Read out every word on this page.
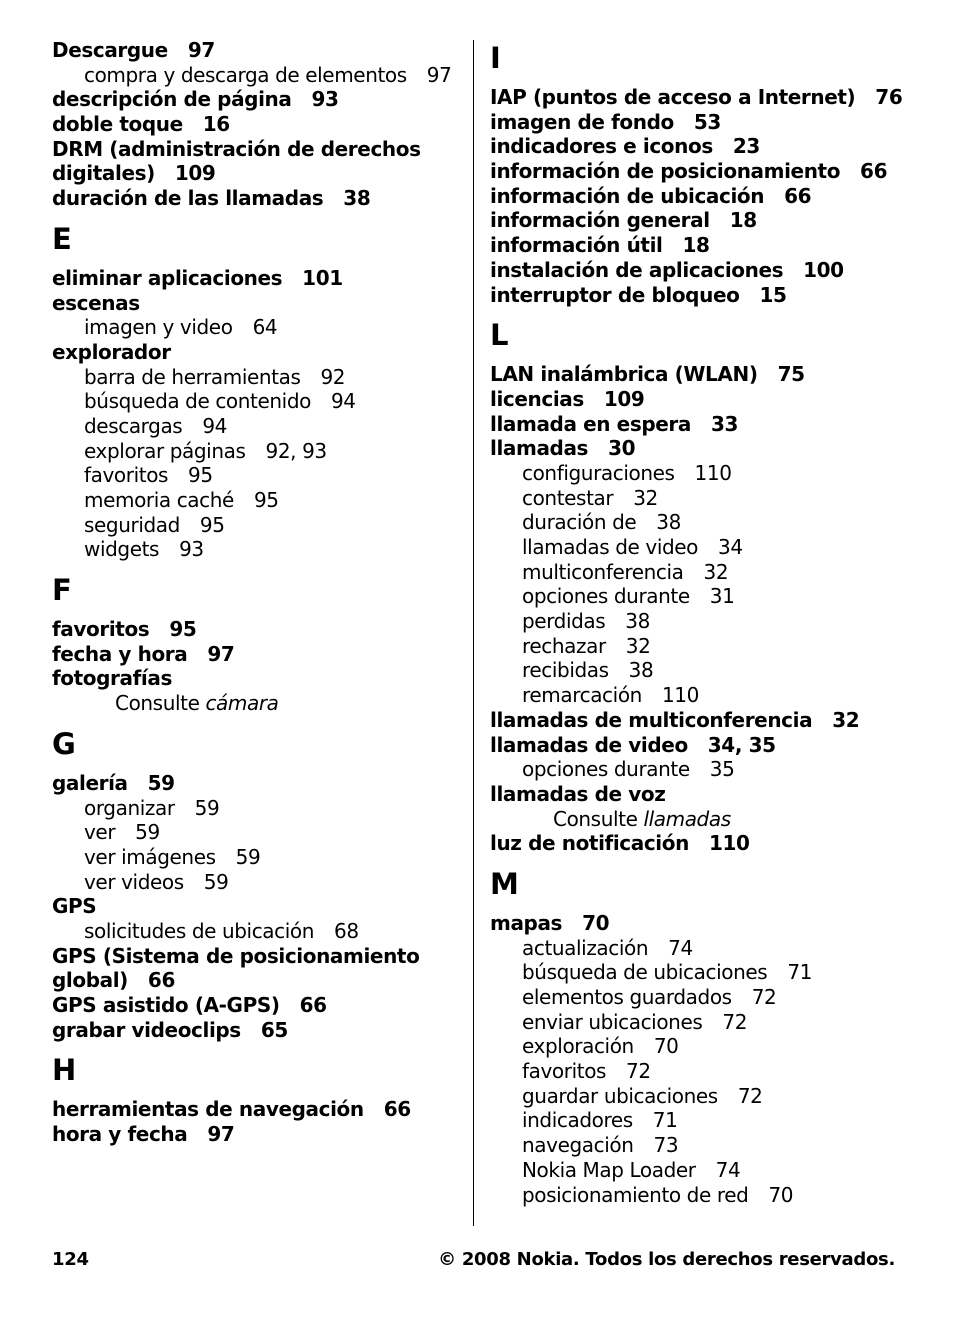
Descargue 97
compra y descarga de elementos 97
descripción de página 93
doble toque 16
DRM (administración de derechos
digitales) 109
duración de las llamadas 38
E
eliminar aplicaciones 101
escenas
imagen y video 64
explorador
barra de herramientas 92
búsqueda de contenido 94
descargas 94
explorar páginas 92, 93
favoritos 95
memoria caché 95
seguridad 95
widgets 93
F
favoritos 95
fecha y hora 97
fotografías
Consulte cámara
G
galería 59
organizar 59
ver 59
ver imágenes 59
ver videos 59
GPS
solicitudes de ubicación 68
GPS (Sistema de posicionamiento
global) 66
GPS asistido (A-GPS) 66
grabar videoclips 65
H
herramientas de navegación 66
hora y fecha 97
I
IAP (puntos de acceso a Internet) 76
imagen de fondo 53
indicadores e iconos 23
información de posicionamiento 66
información de ubicación 66
información general 18
información útil 18
instalación de aplicaciones 100
interruptor de bloqueo 15
L
LAN inalámbrica (WLAN) 75
licencias 109
llamada en espera 33
llamadas 30
configuraciones 110
contestar 32
duración de 38
llamadas de video 34
multiconferencia 32
opciones durante 31
perdidas 38
rechazar 32
recibidas 38
remarcación 110
llamadas de multiconferencia 32
llamadas de video 34, 35
opciones durante 35
llamadas de voz
Consulte llamadas
luz de notificación 110
M
mapas 70
actualización 74
búsqueda de ubicaciones 71
elementos guardados 72
enviar ubicaciones 72
exploración 70
favoritos 72
guardar ubicaciones 72
indicadores 71
navegación 73
Nokia Map Loader 74
posicionamiento de red 70
124	© 2008 Nokia. Todos los derechos reservados.
